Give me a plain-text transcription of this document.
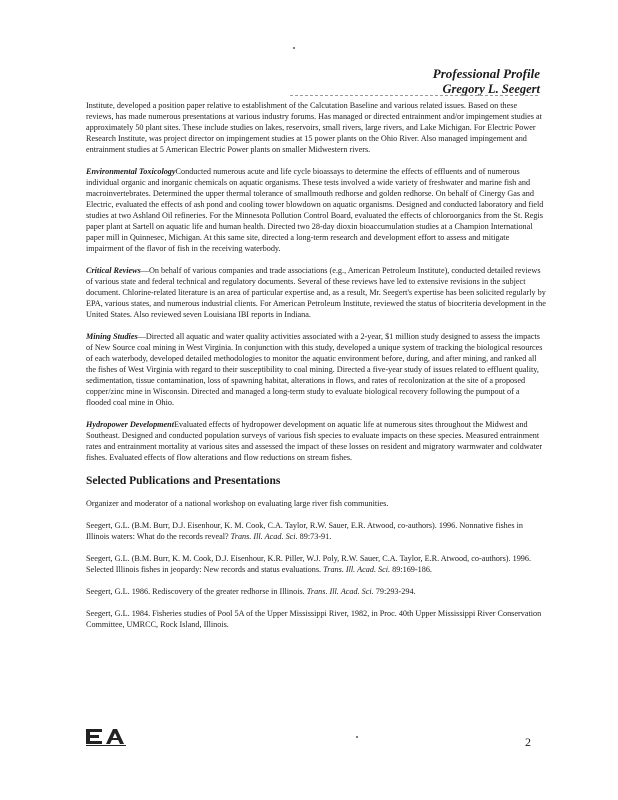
Professional Profile
Gregory L. Seegert

Institute, developed a position paper relative to establishment of the Calcutation Baseline and various related issues. Based on these reviews, has made numerous presentations at various industry forums. Has managed or directed entrainment and/or impingement studies at approximately 50 plant sites. These include studies on lakes, reservoirs, small rivers, large rivers, and Lake Michigan. For Electric Power Research Institute, was project director on impingement studies at 15 power plants on the Ohio River. Also managed impingement and entrainment studies at 5 American Electric Power plants on smaller Midwestern rivers.

Environmental ToxicologyConducted numerous acute and life cycle bioassays to determine the effects of effluents and of numerous individual organic and inorganic chemicals on aquatic organisms. These tests involved a wide variety of freshwater and marine fish and macroinvertebrates. Determined the upper thermal tolerance of smallmouth redhorse and golden redhorse. On behalf of Cinergy Gas and Electric, evaluated the effects of ash pond and cooling tower blowdown on aquatic organisms. Designed and conducted laboratory and field studies at two Ashland Oil refineries. For the Minnesota Pollution Control Board, evaluated the effects of chloroorganics from the St. Regis paper plant at Sartell on aquatic life and human health. Directed two 28-day dioxin bioaccumulation studies at a Champion International paper mill in Quinnesec, Michigan. At this same site, directed a long-term research and development effort to assess and mitigate impairment of the flavor of fish in the receiving waterbody.

Critical Reviews—On behalf of various companies and trade associations (e.g., American Petroleum Institute), conducted detailed reviews of various state and federal technical and regulatory documents. Several of these reviews have led to extensive revisions in the subject document. Chlorine-related literature is an area of particular expertise and, as a result, Mr. Seegert's expertise has been solicited regularly by EPA, various states, and numerous industrial clients. For American Petroleum Institute, reviewed the status of biocriteria development in the United States. Also reviewed seven Louisiana IBI reports in Indiana.

Mining Studies—Directed all aquatic and water quality activities associated with a 2-year, $1 million study designed to assess the impacts of New Source coal mining in West Virginia. In conjunction with this study, developed a unique system of tracking the biological resources of each waterbody, developed detailed methodologies to monitor the aquatic environment before, during, and after mining, and ranked all the fishes of West Virginia with regard to their susceptibility to coal mining. Directed a five-year study of issues related to effluent quality, sedimentation, tissue contamination, loss of spawning habitat, alterations in flows, and rates of recolonization at the site of a proposed copper/zinc mine in Wisconsin. Directed and managed a long-term study to evaluate biological recovery following the pumpout of a flooded coal mine in Ohio.

Hydropower DevelopmentEvaluated effects of hydropower development on aquatic life at numerous sites throughout the Midwest and Southeast. Designed and conducted population surveys of various fish species to evaluate impacts on these species. Measured entrainment rates and entrainment mortality at various sites and assessed the impact of these losses on resident and migratory warmwater and coldwater fishes. Evaluated effects of flow alterations and flow reductions on stream fishes.

Selected Publications and Presentations

Organizer and moderator of a national workshop on evaluating large river fish communities.

Seegert, G.L. (B.M. Burr, D.J. Eisenhour, K. M. Cook, C.A. Taylor, R.W. Sauer, E.R. Atwood, co-authors). 1996. Nonnative fishes in Illinois waters: What do the records reveal? Trans. Ill. Acad. Sci. 89:73-91.

Seegert, G.L. (B.M. Burr, K. M. Cook, D.J. Eisenhour, K.R. Piller, W.J. Poly, R.W. Sauer, C.A. Taylor, E.R. Atwood, co-authors). 1996. Selected Illinois fishes in jeopardy: New records and status evaluations. Trans. Ill. Acad. Sci. 89:169-186.

Seegert, G.L. 1986. Rediscovery of the greater redhorse in Illinois. Trans. Ill. Acad. Sci. 79:293-294.

Seegert, G.L. 1984. Fisheries studies of Pool 5A of the Upper Mississippi River, 1982, in Proc. 40th Upper Mississippi River Conservation Committee, UMRCC, Rock Island, Illinois.

2
